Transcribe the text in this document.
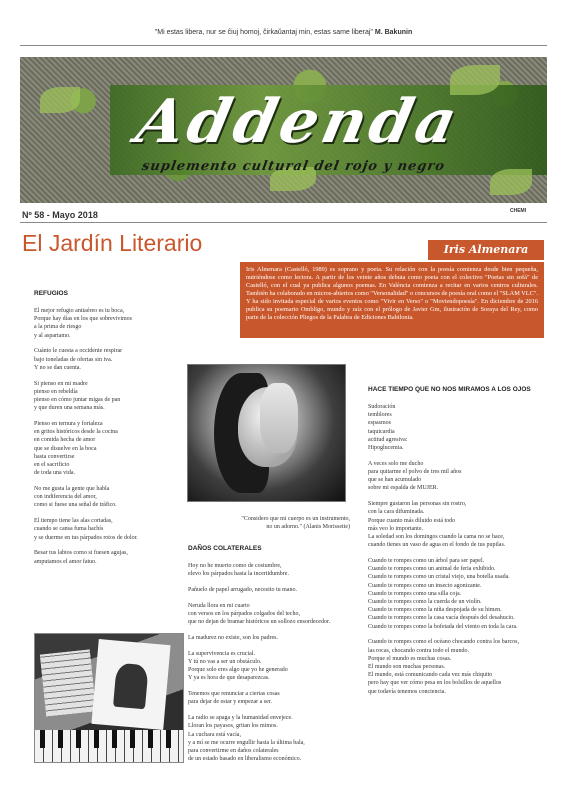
"Mi estas libera, nur se ĉiuj homoj, ĉirkaŭantaj min, estas same liberaj" M. Bakunin
Addenda
suplemento cultural del rojo y negro
Nº 58 - Mayo 2018	CHEMI
El Jardín Literario	Iris Almenara
Iris Almenara (Castelló, 1989) es soprano y poeta. Su relación con la poesía comienza desde bien pequeña, nutriéndose como lectora. A partir de los veinte años debuta como poeta con el colectivo "Poetas sin sofá" de Castelló, con el cual ya publica algunos poemas. En València comienza a recitar en varios centros culturales. También ha colaborado en micros-abiertos como "Versonalidad" o concursos de poesía oral como el "SLAM VLC". Y ha sido invitada especial de varios eventos como "Vivir en Verso" o "Moviendopoesía". En diciembre de 2016 publica su poemario Ombligo, mundo y raíz con el prólogo de Javier Gm, ilustración de Soraya del Rey, como parte de la colección Pliegos de la Palabra de Ediciones Babilonia.
REFUGIOS

El mejor refugio antiaéreo es tu boca,
Porque hay días en los que sobrevivimos
a la prima de riesgo
y al aspartamo.

Cuánto le cuesta a occidente respirar
bajo toneladas de ofertas sin iva.
Y no se dan cuenta.

Si pienso en mi madre
pienso en rebeldía
pienso en cómo juntar migas de pan
y que duren una semana más.

Pienso en ternura y fortaleza
en gritos históricos desde la cocina
en comida hecha de amor
que se disuelve en la boca
hasta convertirse
en el sacrificio
de toda una vida.

No me gusta la gente que habla
con indiferencia del amor,
como si fuese una señal de tráfico.

El tiempo tiene las alas cortadas,
cuando se cansa fuma hachís
y se duerme en tus párpados rotos de dolor.

Besar tus labios como si fuesen agujas,
amputamos el amor fatuo.

"Considero que mi cuerpo es un instrumento,
no un adorno." (Alanis Morissette)
DAÑOS COLATERALES

Hoy no he muerto como de costumbre,
elevo los párpados hasta la incertidumbre.

Pañuelo de papel arrugado, necesito tu mano.

Neruda llora en mi cuarto
con versos en los párpados colgados del techo,
que no dejan de bramar históricos un sollozo ensordecedor.

La madurez no existe, son los padres.

La supervivencia es crucial.
Y tú no vas a ser un obstáculo.
Porque solo eres algo que yo he generado
Y ya es hora de que desaparezcas.

Tenemos que renunciar a ciertas cosas
para dejar de estar y empezar a ser.

La radio se apaga y la humanidad envejece.
Lloran los payasos, gritan los mimos.
La cuchara está vacía,
y a mí se me ocurre engullir hasta la última bala,
para convertirme en daños colaterales
de un estado basado en liberalismo económico.

HACE TIEMPO QUE NO NOS MIRAMOS A LOS OJOS

Sudoración
temblores
espasmos
taquicardia
actitud agresiva:
Hipoglucemia.

A veces solo me ducho
para quitarme el polvo de tres mil años
que se han acumulado
sobre mi espalda de MUJER.

Siempre gustaron las personas sin rostro,
con la cara difuminada.
Porque cuanto más diluido está todo
más veo lo importante.
La soledad son los domingos cuando la cama no se hace,
cuando tienes un vaso de agua en el fondo de tus pupilas.

Cuando te rompes como un árbol para ser papel.
Cuando te rompes como un animal de feria exhibido.
Cuando te rompes como un cristal viejo, una botella usada.
Cuando te rompes como un insecto agonizante.
Cuando te rompes como una silla coja.
Cuando te rompes como la cuerda de un violín.
Cuando te rompes como la niña despojada de su himen.
Cuando te rompes como la casa vacía después del desahucio.
Cuando te rompes como la bofetada del viento en toda la cara.

Cuando te rompes como el océano chocando contra los barcos,
las rocas, chocando contra todo el mundo.
Porque el mundo es muchas cosas.
El mundo son muchas personas.
El mundo, está comunicando cada vez más chiquito
pero hay que ver cómo pesa en los bolsillos de aquellos
que todavía tenemos conciencia.
